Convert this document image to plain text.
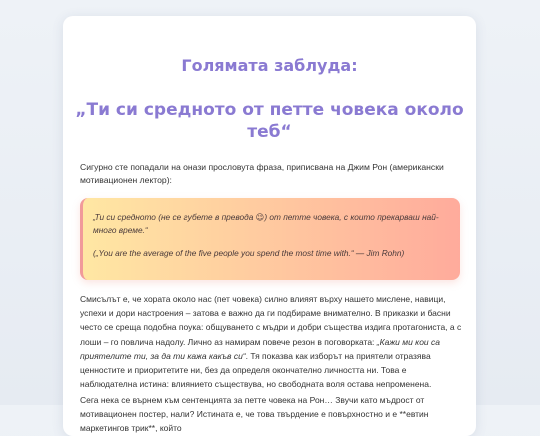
Голямата заблуда:
„Ти си средното от петте човека около теб“

Сигурно сте попадали на онази прословута фраза, приписвана на Джим Рон (американски мотивационен лектор):

„Ти си средното (не се губете в превода 😉) от петте човека, с които прекарваш най-много време.“

(„You are the average of the five people you spend the most time with.“ — Jim Rohn)

Смисълът е, че хората около нас (пет човека) силно влияят върху нашето мислене, навици, успехи и дори настроения – затова е важно да ги подбираме внимателно. В приказки и басни често се среща подобна поука: общуването с мъдри и добри същества издига протагониста, а с лоши – го повлича надолу. Лично аз намирам повече резон в поговорката: „Кажи ми кои са приятелите ти, за да ти кажа какъв си“. Тя показва как изборът на приятели отразява ценностите и приоритетите ни, без да определя окончателно личността ни. Това е наблюдателна истина: влиянието съществува, но свободната воля остава непроменена.

Сега нека се върнем към сентенцията за петте човека на Рон… Звучи като мъдрост от мотивационен постер, нали? Истината е, че това твърдение е повърхностно и е **евтин маркетингов трик**, който
